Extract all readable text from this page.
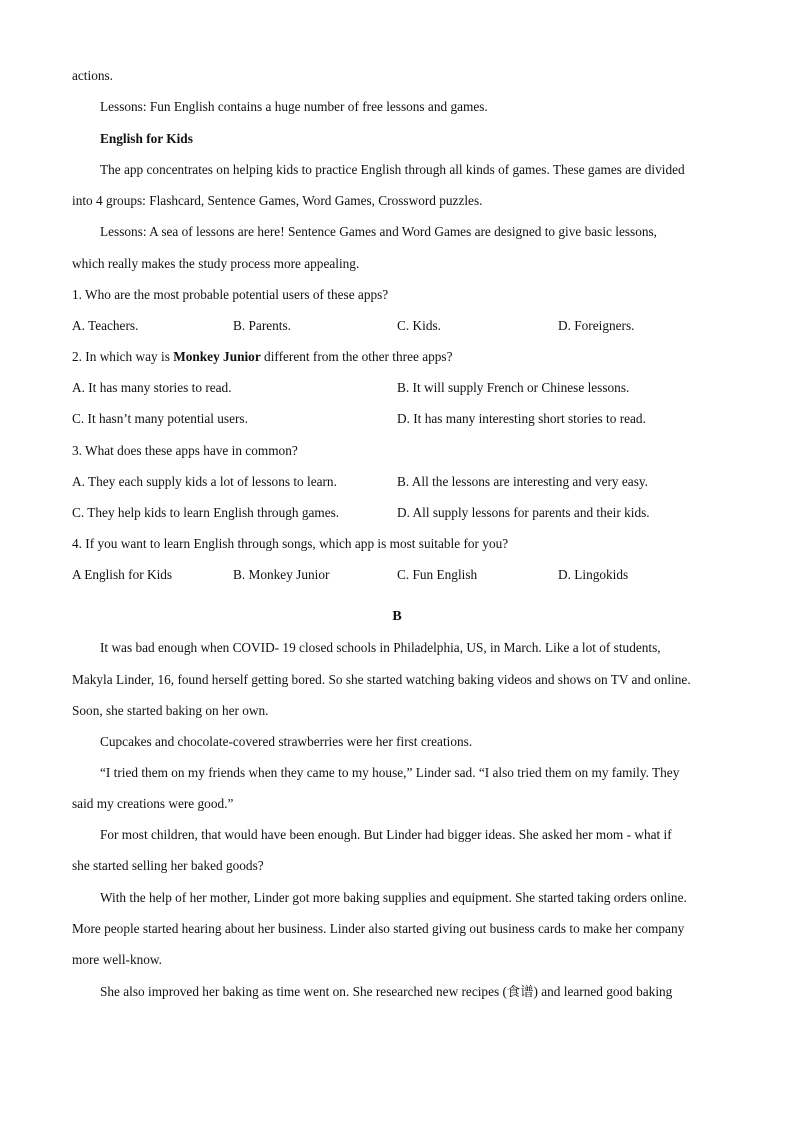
actions.
Lessons: Fun English contains a huge number of free lessons and games.
English for Kids
The app concentrates on helping kids to practice English through all kinds of games. These games are divided
into 4 groups: Flashcard, Sentence Games, Word Games, Crossword puzzles.
Lessons: A sea of lessons are here! Sentence Games and Word Games are designed to give basic lessons,
which really makes the study process more appealing.
1. Who are the most probable potential users of these apps?
A. Teachers.	B. Parents.	C. Kids.	D. Foreigners.
2. In which way is Monkey Junior different from the other three apps?
A. It has many stories to read.	B. It will supply French or Chinese lessons.
C. It hasn’t many potential users.	D. It has many interesting short stories to read.
3. What does these apps have in common?
A. They each supply kids a lot of lessons to learn.	B. All the lessons are interesting and very easy.
C. They help kids to learn English through games.	D. All supply lessons for parents and their kids.
4. If you want to learn English through songs, which app is most suitable for you?
A English for Kids	B. Monkey Junior	C. Fun English	D. Lingokids
B
It was bad enough when COVID- 19 closed schools in Philadelphia, US, in March. Like a lot of students,
Makyla Linder, 16, found herself getting bored. So she started watching baking videos and shows on TV and online.
Soon, she started baking on her own.
Cupcakes and chocolate-covered strawberries were her first creations.
“I tried them on my friends when they came to my house,” Linder sad. “I also tried them on my family. They
said my creations were good.”
For most children, that would have been enough. But Linder had bigger ideas. She asked her mom - what if
she started selling her baked goods?
With the help of her mother, Linder got more baking supplies and equipment. She started taking orders online.
More people started hearing about her business. Linder also started giving out business cards to make her company
more well-know.
She also improved her baking as time went on. She researched new recipes (食谱) and learned good baking
